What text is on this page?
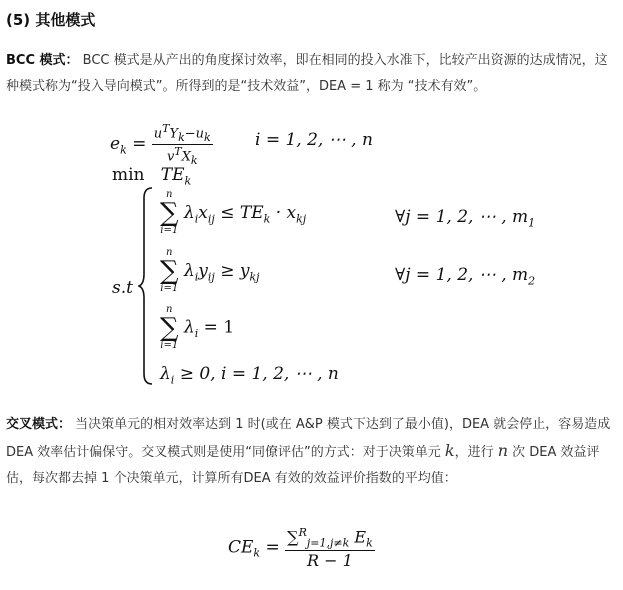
(5) 其他模式
BCC 模式： BCC 模式是从产出的角度探讨效率，即在相同的投入水准下，比较产出资源的达成情况，这种模式称为“投入导向模式”。所得到的是“技术效益”，DEA = 1 称为 “技术有效”。
$e_k = \frac{u^TY_k-u_k}{v^TX_k}$ i = 1, 2, ⋯ , n
$\min TE_k$
s.t
n
∑
i=1
$\lambda_ix_{ij} \le TE_k \cdot x_{kj}$	∀j = 1, 2, ⋯ , $m_1$
n
∑
i=1
$\lambda_iy_{ij} \ge y_{kj}$	∀j = 1, 2, ⋯ , $m_2$
n
∑
i=1
$\lambda_i = 1$
$\lambda_i \ge 0$, i = 1, 2, ⋯ , n
交叉模式： 当决策单元的相对效率达到 1 时(或在 A&P 模式下达到了最小值)，DEA 就会停止，容易造成 DEA 效率估计偏保守。交叉模式则是使用“同僚评估”的方式：对于决策单元 k，进行 n 次 DEA 效益评估，每次都去掉 1 个决策单元，计算所有DEA 有效的效益评价指数的平均值：
$CE_k = \frac{\sum^R_{j=1,j\ne k} E_k}{R - 1}$
